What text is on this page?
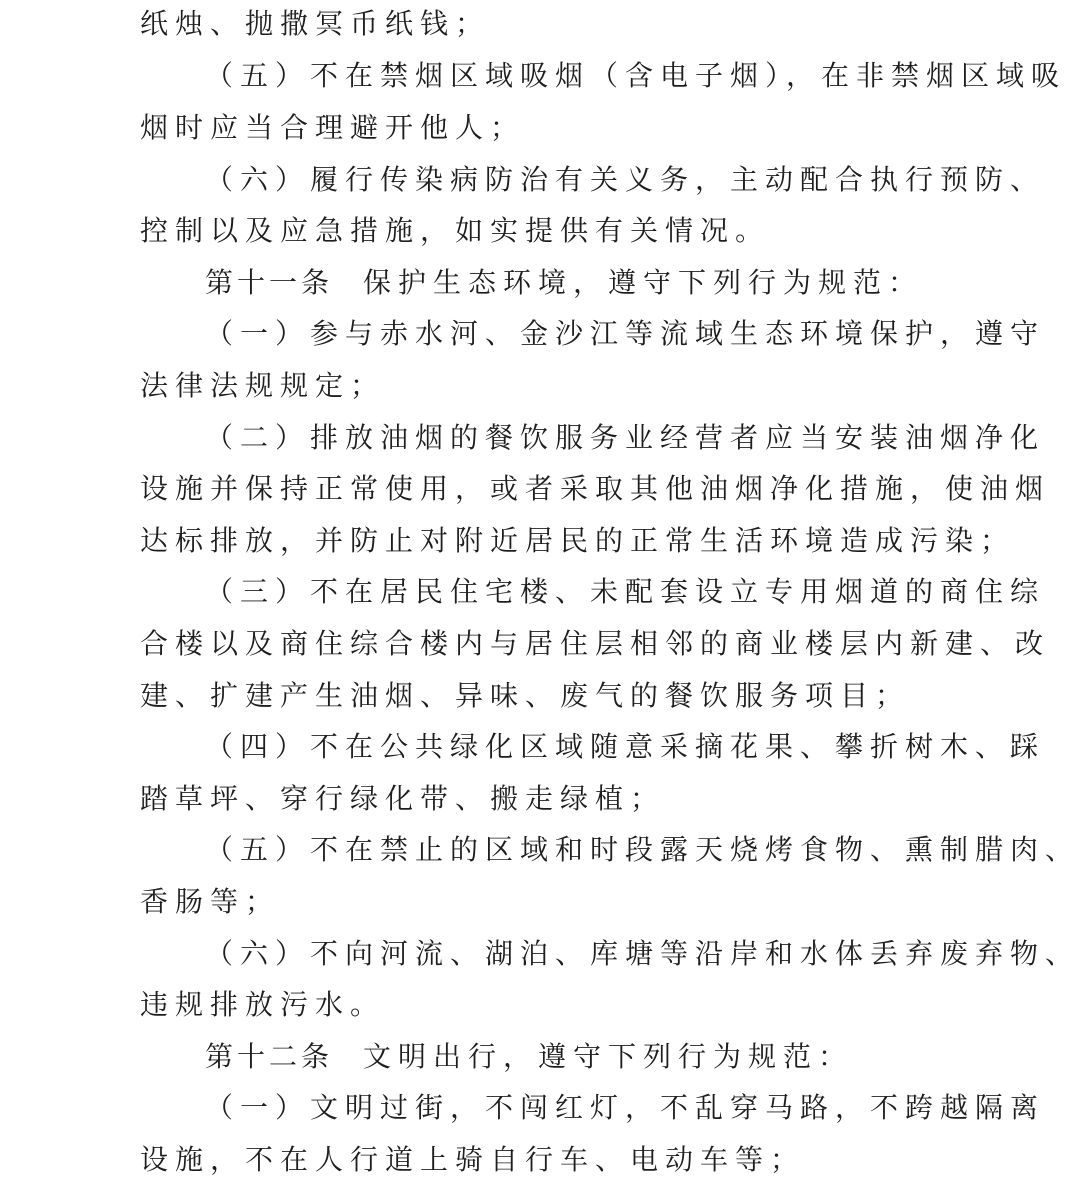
纸烛、抛撒冥币纸钱；
（五）不在禁烟区域吸烟（含电子烟），在非禁烟区域吸
烟时应当合理避开他人；
（六）履行传染病防治有关义务，主动配合执行预防、
控制以及应急措施，如实提供有关情况。
第十一条 保护生态环境，遵守下列行为规范：
（一）参与赤水河、金沙江等流域生态环境保护，遵守
法律法规规定；
（二）排放油烟的餐饮服务业经营者应当安装油烟净化
设施并保持正常使用，或者采取其他油烟净化措施，使油烟
达标排放，并防止对附近居民的正常生活环境造成污染；
（三）不在居民住宅楼、未配套设立专用烟道的商住综
合楼以及商住综合楼内与居住层相邻的商业楼层内新建、改
建、扩建产生油烟、异味、废气的餐饮服务项目；
（四）不在公共绿化区域随意采摘花果、攀折树木、踩
踏草坪、穿行绿化带、搬走绿植；
（五）不在禁止的区域和时段露天烧烤食物、熏制腊肉、
香肠等；
（六）不向河流、湖泊、库塘等沿岸和水体丢弃废弃物、
违规排放污水。
第十二条 文明出行，遵守下列行为规范：
（一）文明过街，不闯红灯，不乱穿马路，不跨越隔离
设施，不在人行道上骑自行车、电动车等；
